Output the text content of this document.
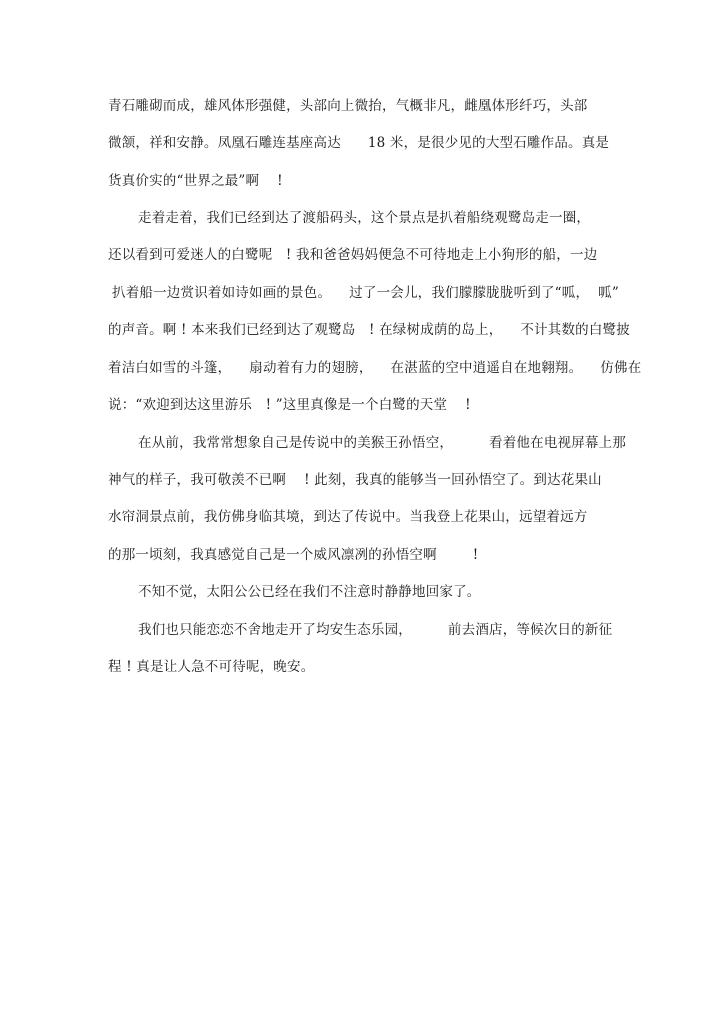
青石雕砌而成，雄风体形强健，头部向上微抬，气概非凡，雌凰体形纤巧，头部
微颔，祥和安静。凤凰石雕连基座高达      18 米，是很少见的大型石雕作品。真是
货真价实的“世界之最”啊    !
走着走着，我们已经到达了渡船码头，这个景点是扒着船绕观鹭岛走一圈，
还以看到可爱迷人的白鹭呢   ! 我和爸爸妈妈便急不可待地走上小狗形的船，一边
扒着船一边赏识着如诗如画的景色。    过了一会儿，我们朦朦胧胧听到了“呱，  呱”
的声音。啊 ! 本来我们已经到达了观鹭岛   ! 在绿树成荫的岛上，    不计其数的白鹭披
着洁白如雪的斗篷，    扇动着有力的翅膀，    在湛蓝的空中逍遥自在地翱翔。    仿佛在
说：“欢迎到达这里游乐   ! ”这里真像是一个白鹭的天堂    !
在从前，我常常想象自己是传说中的美猴王孙悟空，        看着他在电视屏幕上那
神气的样子，我可敬羡不已啊    ! 此刻，我真的能够当一回孙悟空了。到达花果山
水帘洞景点前，我仿佛身临其境，到达了传说中。当我登上花果山，远望着远方
的那一顷刻，我真感觉自己是一个威风凛冽的孙悟空啊        !
不知不觉，太阳公公已经在我们不注意时静静地回家了。
我们也只能恋恋不舍地走开了均安生态乐园，        前去酒店，等候次日的新征
程 ! 真是让人急不可待呢，晚安。
